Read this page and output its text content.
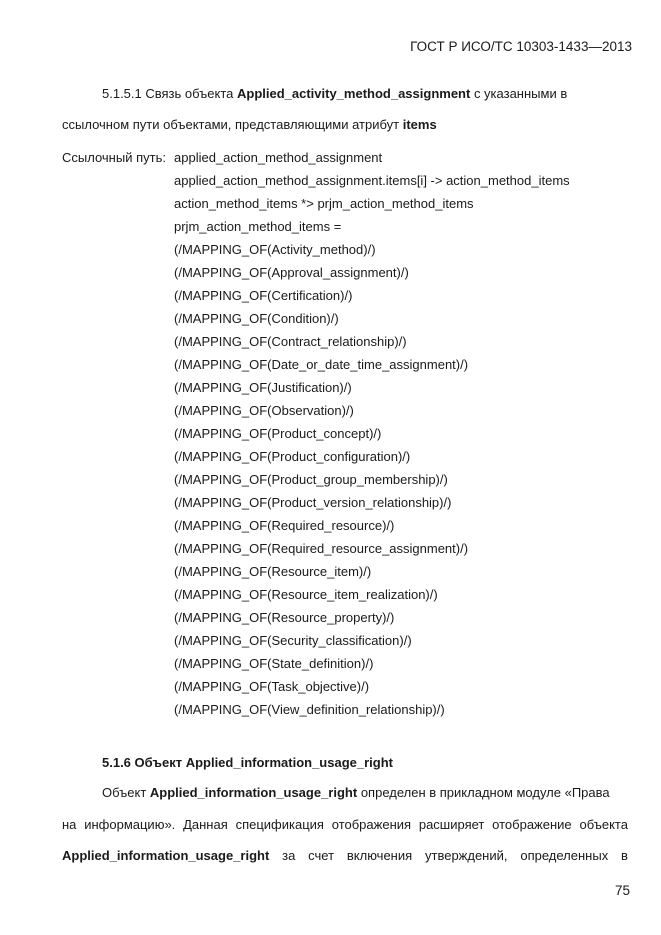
ГОСТ Р ИСО/ТС 10303-1433—2013
5.1.5.1 Связь объекта Applied_activity_method_assignment с указанными в
ссылочном пути объектами, представляющими атрибут items
Ссылочный путь: applied_action_method_assignment
applied_action_method_assignment.items[i] -> action_method_items
action_method_items *> prjm_action_method_items
prjm_action_method_items =
(/MAPPING_OF(Activity_method)/)
(/MAPPING_OF(Approval_assignment)/)
(/MAPPING_OF(Certification)/)
(/MAPPING_OF(Condition)/)
(/MAPPING_OF(Contract_relationship)/)
(/MAPPING_OF(Date_or_date_time_assignment)/)
(/MAPPING_OF(Justification)/)
(/MAPPING_OF(Observation)/)
(/MAPPING_OF(Product_concept)/)
(/MAPPING_OF(Product_configuration)/)
(/MAPPING_OF(Product_group_membership)/)
(/MAPPING_OF(Product_version_relationship)/)
(/MAPPING_OF(Required_resource)/)
(/MAPPING_OF(Required_resource_assignment)/)
(/MAPPING_OF(Resource_item)/)
(/MAPPING_OF(Resource_item_realization)/)
(/MAPPING_OF(Resource_property)/)
(/MAPPING_OF(Security_classification)/)
(/MAPPING_OF(State_definition)/)
(/MAPPING_OF(Task_objective)/)
(/MAPPING_OF(View_definition_relationship)/)
5.1.6 Объект Applied_information_usage_right
Объект Applied_information_usage_right определен в прикладном модуле «Права
на информацию». Данная спецификация отображения расширяет отображение объекта
Applied_information_usage_right за счет включения утверждений, определенных в
75
